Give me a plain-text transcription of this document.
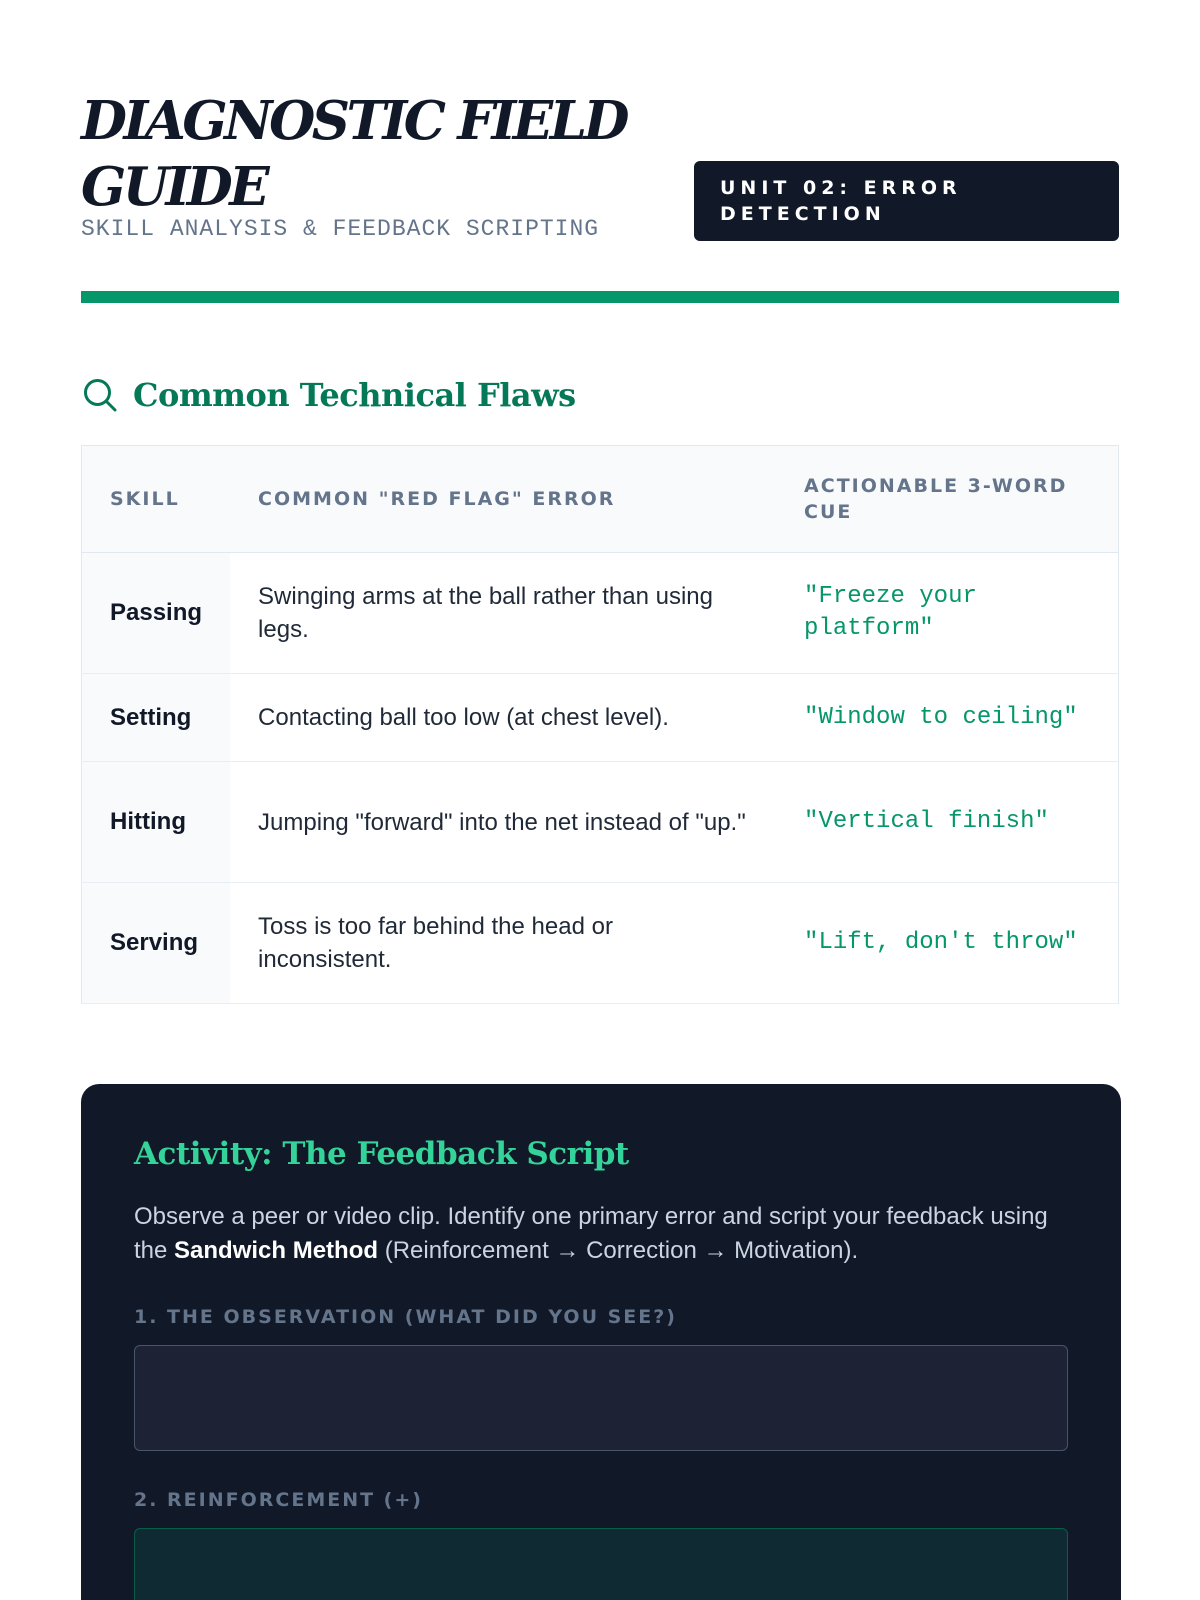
DIAGNOSTIC FIELD GUIDE
SKILL ANALYSIS & FEEDBACK SCRIPTING
UNIT 02: ERROR DETECTION
Common Technical Flaws
SKILL	COMMON "RED FLAG" ERROR	ACTIONABLE 3-WORD CUE
Passing	Swinging arms at the ball rather than using legs.	"Freeze your platform"
Setting	Contacting ball too low (at chest level).	"Window to ceiling"
Hitting	Jumping "forward" into the net instead of "up."	"Vertical finish"
Serving	Toss is too far behind the head or inconsistent.	"Lift, don't throw"
Activity: The Feedback Script

Observe a peer or video clip. Identify one primary error and script your feedback using the Sandwich Method (Reinforcement → Correction → Motivation).

1. THE OBSERVATION (WHAT DID YOU SEE?)
2. REINFORCEMENT (+)
